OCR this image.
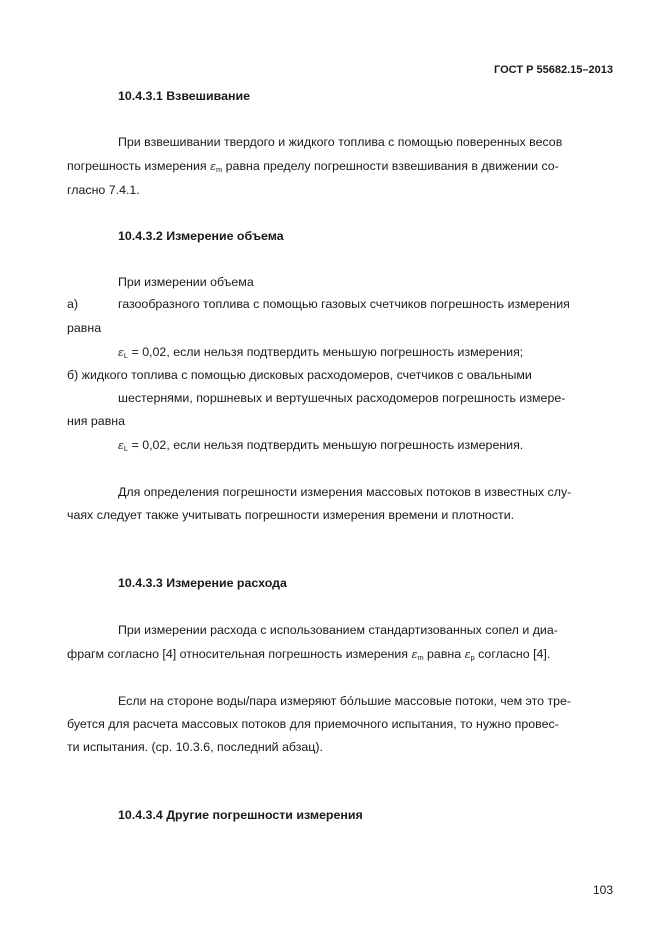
ГОСТ Р 55682.15–2013
10.4.3.1 Взвешивание
При взвешивании твердого и жидкого топлива с помощью поверенных весов
погрешность измерения $\varepsilon_m$ равна пределу погрешности взвешивания в движении со-
гласно 7.4.1.
10.4.3.2 Измерение объема
При измерении объема
а)	газообразного топлива с помощью газовых счетчиков погрешность измерения
равна
$\varepsilon_L = 0,02$, если нельзя подтвердить меньшую погрешность измерения;
б) жидкого топлива с помощью дисковых расходомеров, счетчиков с овальными
шестернями, поршневых и вертушечных расходомеров погрешность измере-
ния равна
$\varepsilon_L = 0,02$, если нельзя подтвердить меньшую погрешность измерения.
Для определения погрешности измерения массовых потоков в известных слу-
чаях следует также учитывать погрешности измерения времени и плотности.
10.4.3.3 Измерение расхода
При измерении расхода с использованием стандартизованных сопел и диа-
фрагм согласно [4] относительная погрешность измерения $\varepsilon_m$ равна $\varepsilon_p$ согласно [4].
Если на стороне воды/пара измеряют бóльшие массовые потоки, чем это тре-
буется для расчета массовых потоков для приемочного испытания, то нужно провес-
ти испытания. (ср. 10.3.6, последний абзац).
10.4.3.4 Другие погрешности измерения
103
